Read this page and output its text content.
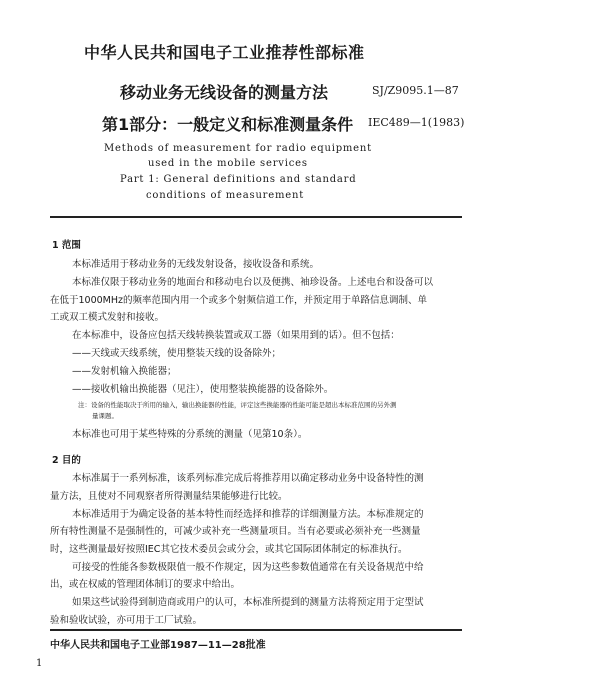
中华人民共和国电子工业推荐性部标准
移动业务无线设备的测量方法	SJ/Z9095.1—87
第1部分：一般定义和标准测量条件 IEC489—1(1983)
Methods of measurement for radio equipment
used in the mobile services
Part 1: General definitions and standard
conditions of measurement
1 范围
本标准适用于移动业务的无线发射设备，接收设备和系统。
本标准仅限于移动业务的地面台和移动电台以及便携、袖珍设备。上述电台和设备可以
在低于1000MHz的频率范围内用一个或多个射频信道工作，并预定用于单路信息调制、单
工或双工模式发射和接收。
在本标准中，设备应包括天线转换装置或双工器（如果用到的话）。但不包括：
——天线或天线系统，使用整装天线的设备除外；
——发射机输入换能器；
——接收机输出换能器（见注），使用整装换能器的设备除外。
注：设备的性能取决于所用的输入，输出换能器的性能，评定这些换能器的性能可能是超出本标准范围的另外测
量课题。
本标准也可用于某些特殊的分系统的测量（见第10条）。
2 目的
本标准属于一系列标准，该系列标准完成后将推荐用以确定移动业务中设备特性的测
量方法，且使对不同观察者所得测量结果能够进行比较。
本标准适用于为确定设备的基本特性而经选择和推荐的详细测量方法。本标准规定的
所有特性测量不是强制性的，可减少或补充一些测量项目。当有必要或必须补充一些测量
时，这些测量最好按照IEC其它技术委员会或分会，或其它国际团体制定的标准执行。
可接受的性能各参数极限值一般不作规定，因为这些参数值通常在有关设备规范中给
出，或在权威的管理团体制订的要求中给出。
如果这些试验得到制造商或用户的认可，本标准所提到的测量方法将预定用于定型试
验和验收试验，亦可用于工厂试验。
中华人民共和国电子工业部1987—11—28批准
1
